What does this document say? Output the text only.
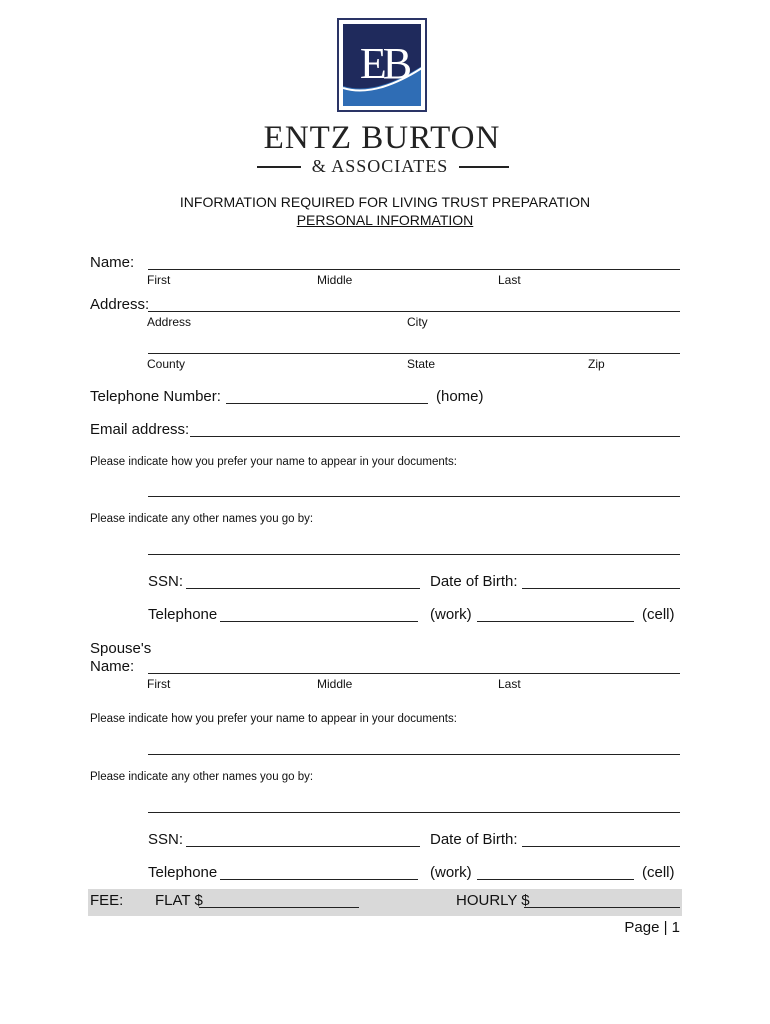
EB
ENTZ BURTON
& ASSOCIATES
INFORMATION REQUIRED FOR LIVING TRUST PREPARATION
PERSONAL INFORMATION
Name:
First	Middle	Last
Address:
Address	City
County	State	Zip
Telephone Number:	(home)
Email address:
Please indicate how you prefer your name to appear in your documents:
Please indicate any other names you go by:
SSN:	Date of Birth:
Telephone	(work)	(cell)
Spouse's
Name:
First	Middle	Last
Please indicate how you prefer your name to appear in your documents:
Please indicate any other names you go by:
SSN:	Date of Birth:
Telephone	(work)	(cell)
FEE: FLAT $	HOURLY $
Page | 1
